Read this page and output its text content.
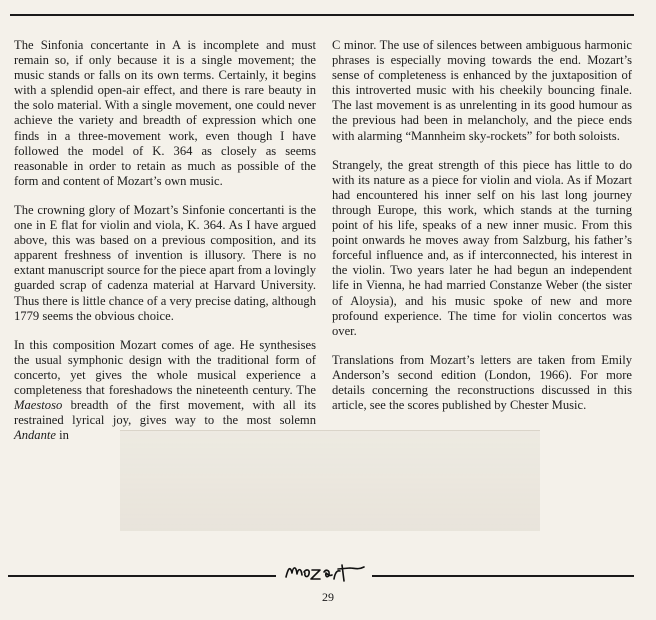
The Sinfonia concertante in A is incomplete and must remain so, if only because it is a single movement; the music stands or falls on its own terms. Certainly, it begins with a splendid open-air effect, and there is rare beauty in the solo material. With a single movement, one could never achieve the variety and breadth of expression which one finds in a three-movement work, even though I have followed the model of K. 364 as closely as seems reasonable in order to retain as much as possible of the form and content of Mozart’s own music.

The crowning glory of Mozart’s Sinfonie concertanti is the one in E flat for violin and viola, K. 364. As I have argued above, this was based on a previous composition, and its apparent freshness of invention is illusory. There is no extant manuscript source for the piece apart from a lovingly guarded scrap of cadenza material at Harvard University. Thus there is little chance of a very precise dating, although 1779 seems the obvious choice.

In this composition Mozart comes of age. He synthesises the usual symphonic design with the traditional form of concerto, yet gives the whole musical experience a completeness that foreshadows the nineteenth century. The Maestoso breadth of the first movement, with all its restrained lyrical joy, gives way to the most solemn Andante in

C minor. The use of silences between ambiguous harmonic phrases is especially moving towards the end. Mozart’s sense of completeness is enhanced by the juxtaposition of this introverted music with his cheekily bouncing finale. The last movement is as unrelenting in its good humour as the previous had been in melancholy, and the piece ends with alarming “Mannheim sky-rockets” for both soloists.

Strangely, the great strength of this piece has little to do with its nature as a piece for violin and viola. As if Mozart had encountered his inner self on his last long journey through Europe, this work, which stands at the turning point of his life, speaks of a new inner music. From this point onwards he moves away from Salzburg, his father’s forceful influence and, as if interconnected, his interest in the violin. Two years later he had begun an independent life in Vienna, he had married Constanze Weber (the sister of Aloysia), and his music spoke of new and more profound experience. The time for violin concertos was over.

Translations from Mozart’s letters are taken from Emily Anderson’s second edition (London, 1966). For more details concerning the reconstructions discussed in this article, see the scores published by Chester Music.

29
